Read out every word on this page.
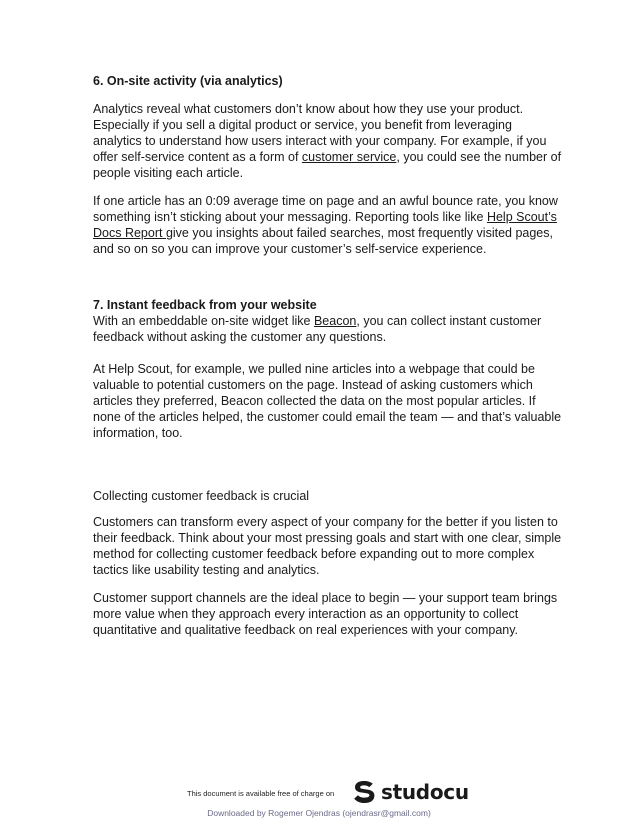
6. On-site activity (via analytics)

Analytics reveal what customers don’t know about how they use your product. Especially if you sell a digital product or service, you benefit from leveraging analytics to understand how users interact with your company. For example, if you offer self-service content as a form of customer service, you could see the number of people visiting each article.

If one article has an 0:09 average time on page and an awful bounce rate, you know something isn’t sticking about your messaging. Reporting tools like like Help Scout’s Docs Report give you insights about failed searches, most frequently visited pages, and so on so you can improve your customer’s self-service experience.

7. Instant feedback from your website

With an embeddable on-site widget like Beacon, you can collect instant customer feedback without asking the customer any questions.

At Help Scout, for example, we pulled nine articles into a webpage that could be valuable to potential customers on the page. Instead of asking customers which articles they preferred, Beacon collected the data on the most popular articles. If none of the articles helped, the customer could email the team — and that’s valuable information, too.

Collecting customer feedback is crucial

Customers can transform every aspect of your company for the better if you listen to their feedback. Think about your most pressing goals and start with one clear, simple method for collecting customer feedback before expanding out to more complex tactics like usability testing and analytics.

Customer support channels are the ideal place to begin — your support team brings more value when they approach every interaction as an opportunity to collect quantitative and qualitative feedback on real experiences with your company.

This document is available free of charge on studocu
Downloaded by Rogemer Ojendras (ojendrasr@gmail.com)
